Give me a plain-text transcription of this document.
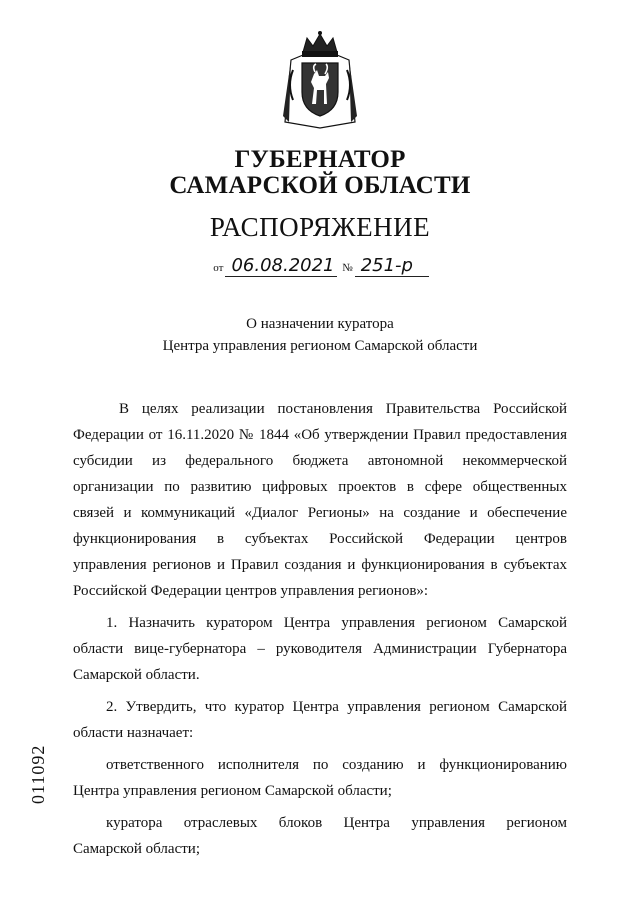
ГУБЕРНАТОР
САМАРСКОЙ ОБЛАСТИ
РАСПОРЯЖЕНИЕ
от 06.08.2021 № 251-р
О назначении куратора
Центра управления регионом Самарской области
В целях реализации постановления Правительства Российской
Федерации от 16.11.2020 № 1844 «Об утверждении Правил предоставления
субсидии из федерального бюджета автономной некоммерческой
организации по развитию цифровых проектов в сфере общественных
связей и коммуникаций «Диалог Регионы» на создание и обеспечение
функционирования в субъектах Российской Федерации центров
управления регионов и Правил создания и функционирования в субъектах
Российской Федерации центров управления регионов»:
1. Назначить куратором Центра управления регионом Самарской
области вице-губернатора – руководителя Администрации Губернатора
Самарской области.
2. Утвердить, что куратор Центра управления регионом Самарской
области назначает:
ответственного исполнителя по созданию и функционированию
Центра управления регионом Самарской области;
куратора отраслевых блоков Центра управления регионом
Самарской области;
011092
